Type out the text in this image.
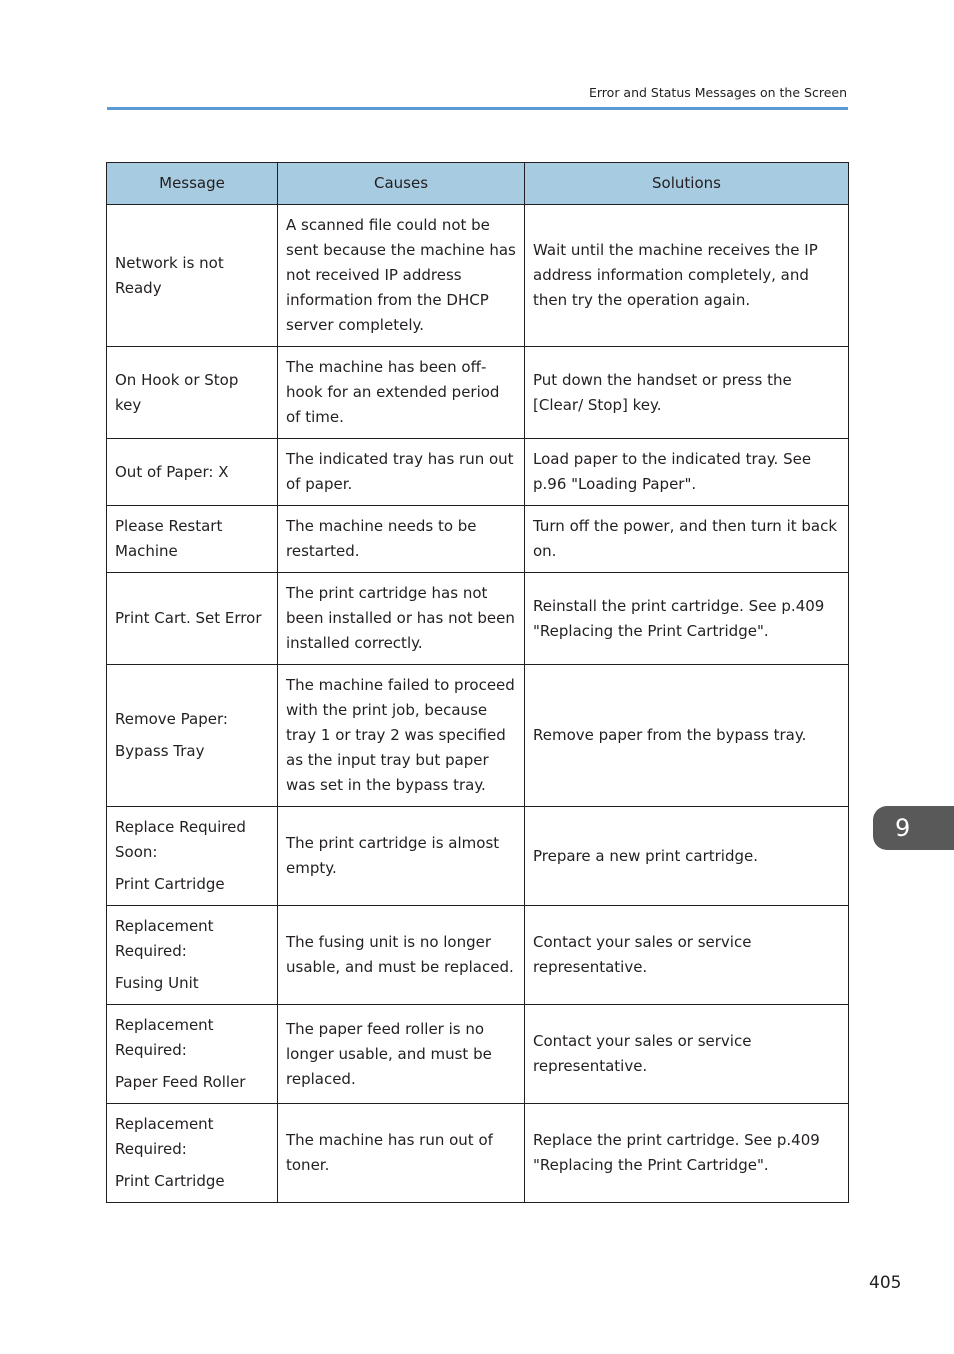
Error and Status Messages on the Screen
Message	Causes	Solutions

Network is not Ready	A scanned file could not be sent because the machine has not received IP address information from the DHCP server completely.	Wait until the machine receives the IP address information completely, and then try the operation again.

On Hook or Stop key	The machine has been off-hook for an extended period of time.	Put down the handset or press the [Clear/ Stop] key.

Out of Paper: X	The indicated tray has run out of paper.	Load paper to the indicated tray. See p.96 "Loading Paper".

Please Restart Machine	The machine needs to be restarted.	Turn off the power, and then turn it back on.

Print Cart. Set Error	The print cartridge has not been installed or has not been installed correctly.	Reinstall the print cartridge. See p.409 "Replacing the Print Cartridge".

Remove Paper:
Bypass Tray	The machine failed to proceed with the print job, because tray 1 or tray 2 was specified as the input tray but paper was set in the bypass tray.	Remove paper from the bypass tray.

Replace Required Soon:
Print Cartridge	The print cartridge is almost empty.	Prepare a new print cartridge.

Replacement Required:
Fusing Unit	The fusing unit is no longer usable, and must be replaced.	Contact your sales or service representative.

Replacement Required:
Paper Feed Roller	The paper feed roller is no longer usable, and must be replaced.	Contact your sales or service representative.

Replacement Required:
Print Cartridge	The machine has run out of toner.	Replace the print cartridge. See p.409 "Replacing the Print Cartridge".
9
405
